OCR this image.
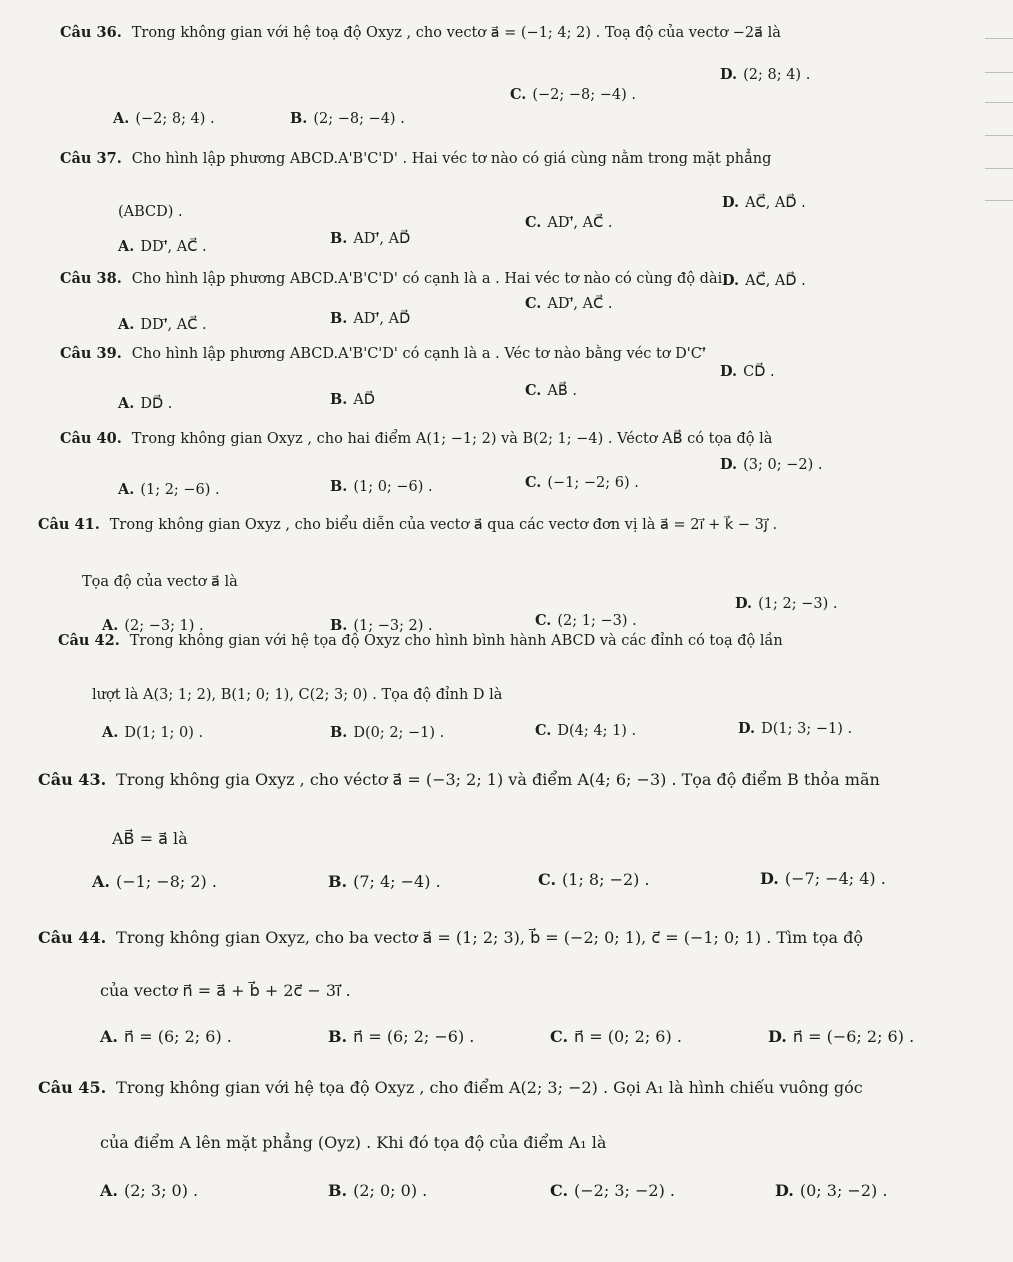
Câu 36. Trong không gian với hệ toạ độ Oxyz , cho vectơ a⃗ = (−1; 4; 2) . Toạ độ của vectơ −2a⃗ là
A. (−2; 8; 4) .	B. (2; −8; −4) .
C. (−2; −8; −4) .
D. (2; 8; 4) .
Câu 37. Cho hình lập phương ABCD.A'B'C'D' . Hai véc tơ nào có giá cùng nằm trong mặt phẳng
(ABCD) .
A. DD'⃗, AC⃗ .	B. AD'⃗, AD⃗
C. AD'⃗, AC⃗ .
D. AC⃗, AD⃗ .
Câu 38. Cho hình lập phương ABCD.A'B'C'D' có cạnh là a . Hai véc tơ nào có cùng độ dài.
A. DD'⃗, AC⃗ .	B. AD'⃗, AD⃗
C. AD'⃗, AC⃗ .
D. AC⃗, AD⃗ .
Câu 39. Cho hình lập phương ABCD.A'B'C'D' có cạnh là a . Véc tơ nào bằng véc tơ D'C'⃗
A. DD⃗ .	B. AD⃗
C. AB⃗ .
D. CD⃗ .
Câu 40. Trong không gian Oxyz , cho hai điểm A(1; −1; 2) và B(2; 1; −4) . Véctơ AB⃗ có tọa độ là
A. (1; 2; −6) .	B. (1; 0; −6) .	C. (−1; −2; 6) .
D. (3; 0; −2) .
Câu 41. Trong không gian Oxyz , cho biểu diễn của vectơ a⃗ qua các vectơ đơn vị là a⃗ = 2i⃗ + k⃗ − 3j⃗ .
Tọa độ của vectơ a⃗ là
A. (2; −3; 1) .	B. (1; −3; 2) .	C. (2; 1; −3) .
D. (1; 2; −3) .
Câu 42. Trong không gian với hệ tọa độ Oxyz cho hình bình hành ABCD và các đỉnh có toạ độ lần
lượt là A(3; 1; 2), B(1; 0; 1), C(2; 3; 0) . Tọa độ đỉnh D là
A. D(1; 1; 0) .	B. D(0; 2; −1) .	C. D(4; 4; 1) .	D. D(1; 3; −1) .
Câu 43. Trong không gia Oxyz , cho véctơ a⃗ = (−3; 2; 1) và điểm A(4; 6; −3) . Tọa độ điểm B thỏa mãn
AB⃗ = a⃗ là
A. (−1; −8; 2) .	B. (7; 4; −4) .	C. (1; 8; −2) .	D. (−7; −4; 4) .
Câu 44. Trong không gian Oxyz, cho ba vectơ a⃗ = (1; 2; 3), b⃗ = (−2; 0; 1), c⃗ = (−1; 0; 1) . Tìm tọa độ
của vectơ n⃗ = a⃗ + b⃗ + 2c⃗ − 3i⃗ .
A. n⃗ = (6; 2; 6) .	B. n⃗ = (6; 2; −6) .	C. n⃗ = (0; 2; 6) .	D. n⃗ = (−6; 2; 6) .
Câu 45. Trong không gian với hệ tọa độ Oxyz , cho điểm A(2; 3; −2) . Gọi A₁ là hình chiếu vuông góc
của điểm A lên mặt phẳng (Oyz) . Khi đó tọa độ của điểm A₁ là
A. (2; 3; 0) .	B. (2; 0; 0) .	C. (−2; 3; −2) .	D. (0; 3; −2) .
